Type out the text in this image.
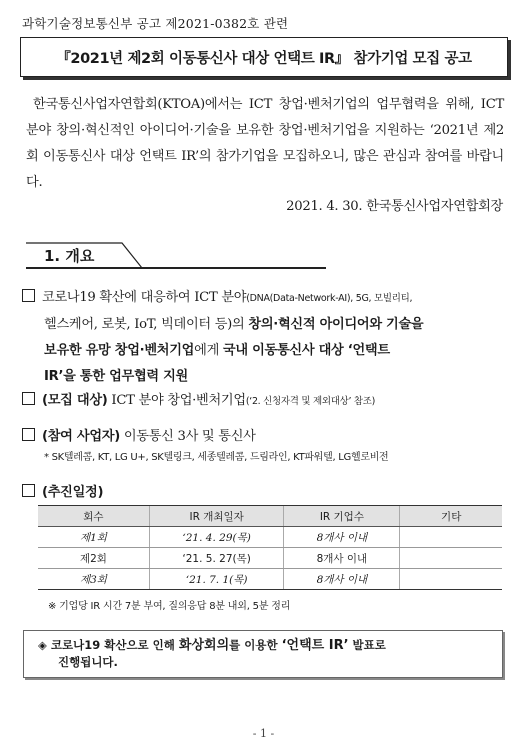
과학기술정보통신부 공고 제2021-0382호 관련
『2021년 제2회 이동통신사 대상 언택트 IR』 참가기업 모집 공고
한국통신사업자연합회(KTOA)에서는 ICT 창업·벤처기업의 업무협력을 위해, ICT 분야 창의·혁신적인 아이디어·기술을 보유한 창업·벤처기업을 지원하는 ‘2021년 제2회 이동통신사 대상 언택트 IR’의 참가기업을 모집하오니, 많은 관심과 참여를 바랍니다.
2021. 4. 30. 한국통신사업자연합회장
1. 개요
코로나19 확산에 대응하여 ICT 분야(DNA(Data-Network-AI), 5G, 모빌리티,
헬스케어, 로봇, IoT, 빅데이터 등)의 창의·혁신적 아이디어와 기술을
보유한 유망 창업·벤처기업에게 국내 이동통신사 대상 ‘언택트
IR’을 통한 업무협력 지원
(모집 대상) ICT 분야 창업·벤처기업(‘2. 신청자격 및 제외대상’ 참조)
(참여 사업자) 이동통신 3사 및 통신사
* SK텔레콤, KT, LG U+, SK텔링크, 세종텔레콤, 드림라인, KT파워텔, LG헬로비전
(추진일정)
회수	IR 개최일자	IR 기업수	기타
제1회	‘21. 4. 29(목)	8개사 이내	
제2회	‘21. 5. 27(목)	8개사 이내	
제3회	‘21. 7. 1(목)	8개사 이내	
※ 기업당 IR 시간 7분 부여, 질의응답 8분 내외, 5분 정리
◈ 코로나19 확산으로 인해 화상회의를 이용한 ‘언택트 IR’ 발표로
진행됩니다.
- 1 -
